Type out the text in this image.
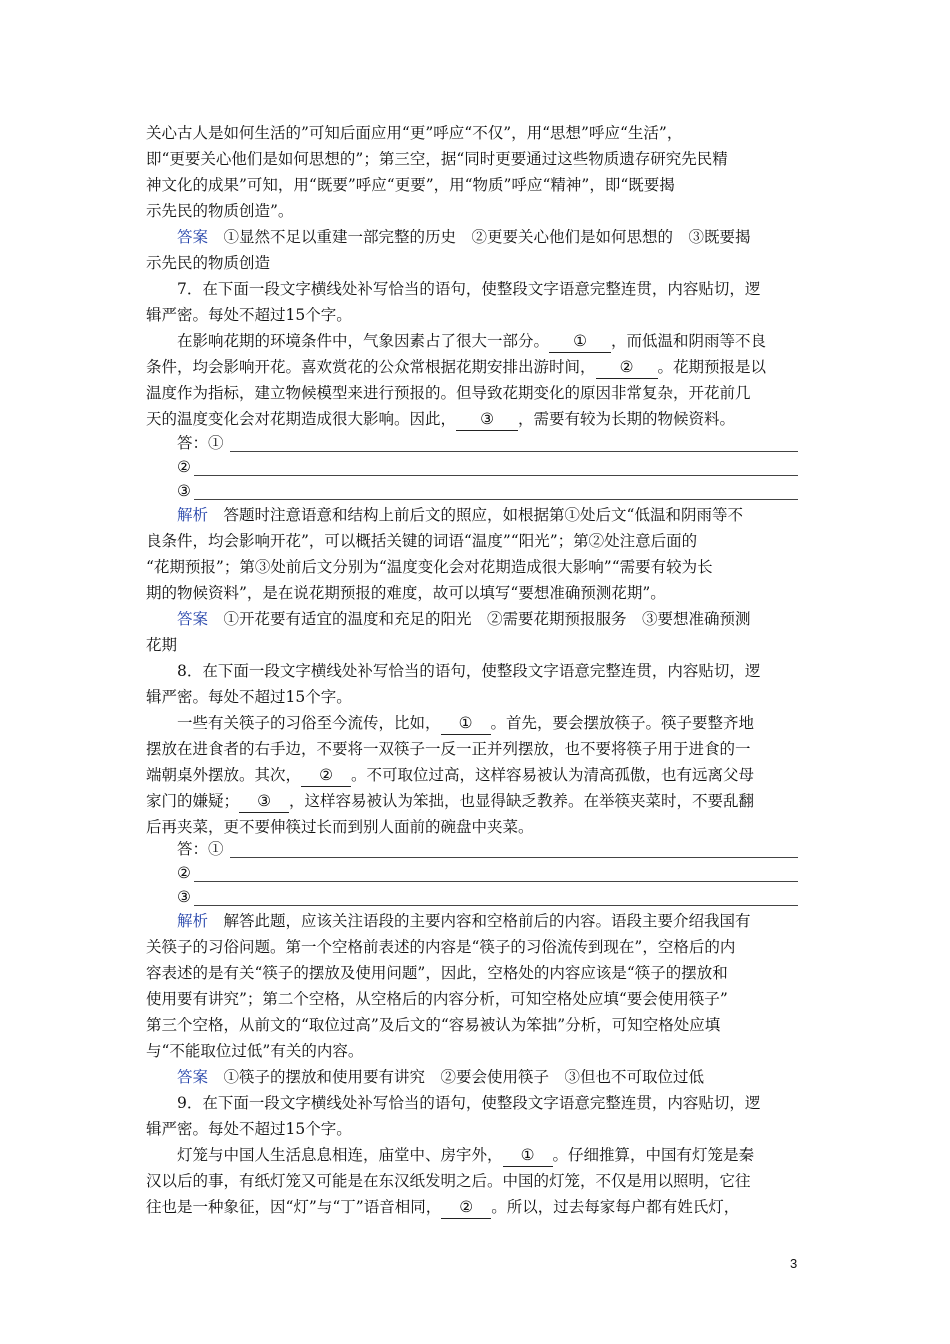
关心古人是如何生活的”可知后面应用“更”呼应“不仅”，用“思想”呼应“生活”，
即“更要关心他们是如何思想的”；第三空，据“同时更要通过这些物质遗存研究先民精
神文化的成果”可知，用“既要”呼应“更要”，用“物质”呼应“精神”，即“既要揭
示先民的物质创造”。
答案　 ①显然不足以重建一部完整的历史　②更要关心他们是如何思想的　③既要揭
示先民的物质创造
7．在下面一段文字横线处补写恰当的语句，使整段文字语意完整连贯，内容贴切，逻
辑严密。每处不超过15个字。
在影响花期的环境条件中，气象因素占了很大一部分。 ① ，而低温和阴雨等不良
条件，均会影响开花。喜欢赏花的公众常根据花期安排出游时间， ② 。花期预报是以
温度作为指标，建立物候模型来进行预报的。但导致花期变化的原因非常复杂，开花前几
天的温度变化会对花期造成很大影响。因此， ③ ，需要有较为长期的物候资料。
答：①
②
③
解析　 答题时注意语意和结构上前后文的照应，如根据第①处后文“低温和阴雨等不
良条件，均会影响开花”，可以概括关键的词语“温度”“阳光”；第②处注意后面的
“花期预报”；第③处前后文分别为“温度变化会对花期造成很大影响”“需要有较为长
期的物候资料”，是在说花期预报的难度，故可以填写“要想准确预测花期”。
答案　 ①开花要有适宜的温度和充足的阳光　②需要花期预报服务　③要想准确预测
花期
8．在下面一段文字横线处补写恰当的语句，使整段文字语意完整连贯，内容贴切，逻
辑严密。每处不超过15个字。
一些有关筷子的习俗至今流传，比如， ① 。首先，要会摆放筷子。筷子要整齐地
摆放在进食者的右手边，不要将一双筷子一反一正并列摆放，也不要将筷子用于进食的一
端朝桌外摆放。其次， ② 。不可取位过高，这样容易被认为清高孤傲，也有远离父母
家门的嫌疑； ③ ，这样容易被认为笨拙，也显得缺乏教养。在举筷夹菜时，不要乱翻
后再夹菜，更不要伸筷过长而到别人面前的碗盘中夹菜。
答：①
②
③
解析　 解答此题，应该关注语段的主要内容和空格前后的内容。语段主要介绍我国有
关筷子的习俗问题。第一个空格前表述的内容是“筷子的习俗流传到现在”，空格后的内
容表述的是有关“筷子的摆放及使用问题”，因此，空格处的内容应该是“筷子的摆放和
使用要有讲究”；第二个空格，从空格后的内容分析，可知空格处应填“要会使用筷子”
第三个空格，从前文的“取位过高”及后文的“容易被认为笨拙”分析，可知空格处应填
与“不能取位过低”有关的内容。
答案　 ①筷子的摆放和使用要有讲究　②要会使用筷子　③但也不可取位过低
9．在下面一段文字横线处补写恰当的语句，使整段文字语意完整连贯，内容贴切，逻
辑严密。每处不超过15个字。
灯笼与中国人生活息息相连，庙堂中、房宇外， ① 。仔细推算，中国有灯笼是秦
汉以后的事，有纸灯笼又可能是在东汉纸发明之后。中国的灯笼，不仅是用以照明，它往
往也是一种象征，因“灯”与“丁”语音相同， ② 。所以，过去每家每户都有姓氏灯，
3
